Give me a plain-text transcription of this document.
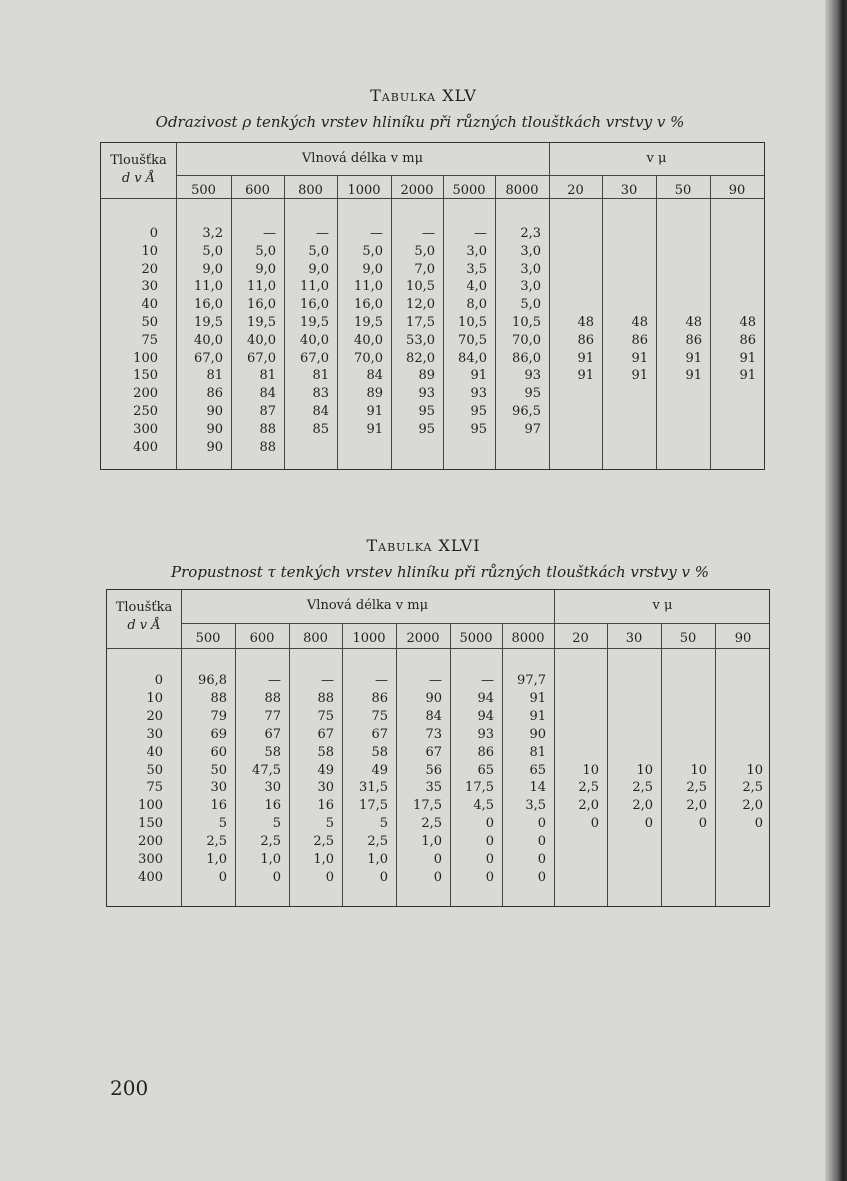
Tabulka XLV
Odrazivost ρ tenkých vrstev hliníku při různých tlouštkách vrstvy v %
Tloušťka
d v Å
Vlnová délka v mμ	v μ
500	600	800	1000	2000	5000	8000	20	30	50	90
0	3,2	—	—	—	—	—	2,3
10	5,0	5,0	5,0	5,0	5,0	3,0	3,0
20	9,0	9,0	9,0	9,0	7,0	3,5	3,0
30	11,0	11,0	11,0	11,0	10,5	4,0	3,0
40	16,0	16,0	16,0	16,0	12,0	8,0	5,0
50	19,5	19,5	19,5	19,5	17,5	10,5	10,5	48	48	48	48
75	40,0	40,0	40,0	40,0	53,0	70,5	70,0	86	86	86	86
100	67,0	67,0	67,0	70,0	82,0	84,0	86,0	91	91	91	91
150	81	81	81	84	89	91	93	91	91	91	91
200	86	84	83	89	93	93	95
250	90	87	84	91	95	95	96,5
300	90	88	85	91	95	95	97
400	90	88
Tabulka XLVI
Propustnost τ tenkých vrstev hliníku při různých tlouštkách vrstvy v %
Tloušťka
d v Å
Vlnová délka v mμ	v μ
500	600	800	1000	2000	5000	8000	20	30	50	90
0	96,8	—	—	—	—	—	97,7
10	88	88	88	86	90	94	91
20	79	77	75	75	84	94	91
30	69	67	67	67	73	93	90
40	60	58	58	58	67	86	81
50	50	47,5	49	49	56	65	65	10	10	10	10
75	30	30	30	31,5	35	17,5	14	2,5	2,5	2,5	2,5
100	16	16	16	17,5	17,5	4,5	3,5	2,0	2,0	2,0	2,0
150	5	5	5	5	2,5	0	0	0	0	0	0
200	2,5	2,5	2,5	2,5	1,0	0	0
300	1,0	1,0	1,0	1,0	0	0	0
400	0	0	0	0	0	0	0
200
